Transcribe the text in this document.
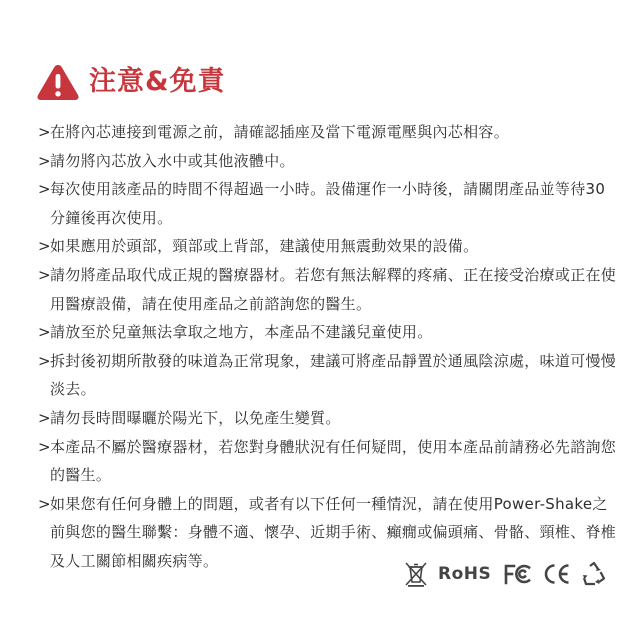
注意&免責
> 在將內芯連接到電源之前，請確認插座及當下電源電壓與內芯相容。
> 請勿將內芯放入水中或其他液體中。
> 每次使用該產品的時間不得超過一小時。設備運作一小時後，請關閉產品並等待30分鐘後再次使用。
> 如果應用於頭部，頸部或上背部，建議使用無震動效果的設備。
> 請勿將產品取代成正規的醫療器材。若您有無法解釋的疼痛、正在接受治療或正在使用醫療設備，請在使用產品之前諮詢您的醫生。
> 請放至於兒童無法拿取之地方，本產品不建議兒童使用。
> 拆封後初期所散發的味道為正常現象，建議可將產品靜置於通風陰涼處，味道可慢慢淡去。
> 請勿長時間曝曬於陽光下，以免產生變質。
> 本產品不屬於醫療器材，若您對身體狀況有任何疑問，使用本產品前請務必先諮詢您的醫生。
> 如果您有任何身體上的問題，或者有以下任何一種情況，請在使用Power-Shake之前與您的醫生聯繫：身體不適、懷孕、近期手術、癲癇或偏頭痛、骨骼、頸椎、脊椎及人工關節相關疾病等。
RoHS
